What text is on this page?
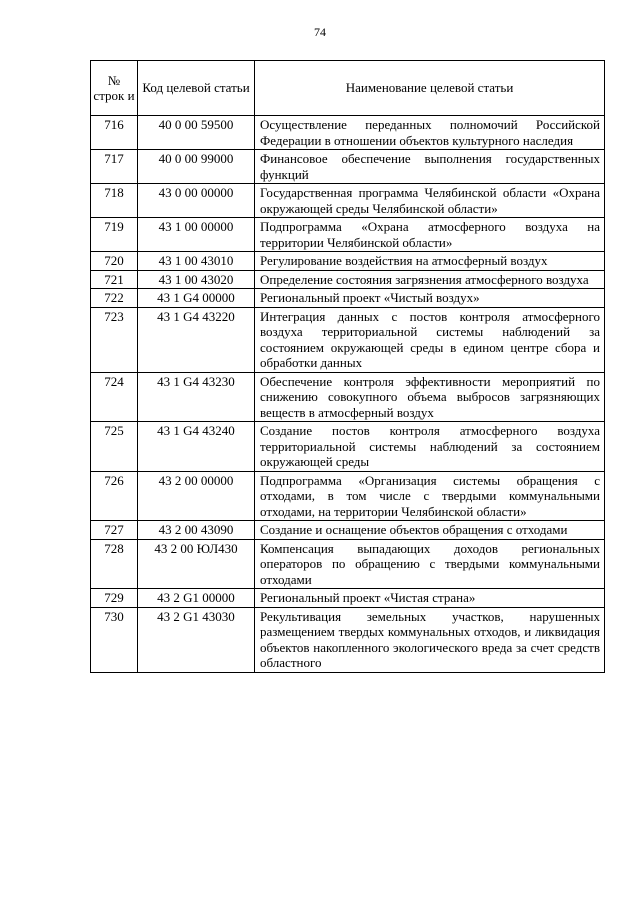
74
№ строк и	Код целевой статьи	Наименование целевой статьи
716	40 0 00 59500	Осуществление переданных полномочий Российской Федерации в отношении объектов культурного наследия
717	40 0 00 99000	Финансовое обеспечение выполнения государственных функций
718	43 0 00 00000	Государственная программа Челябинской области «Охрана окружающей среды Челябинской области»
719	43 1 00 00000	Подпрограмма «Охрана атмосферного воздуха на территории Челябинской области»
720	43 1 00 43010	Регулирование воздействия на атмосферный воздух
721	43 1 00 43020	Определение состояния загрязнения атмосферного воздуха
722	43 1 G4 00000	Региональный проект «Чистый воздух»
723	43 1 G4 43220	Интеграция данных с постов контроля атмосферного воздуха территориальной системы наблюдений за состоянием окружающей среды в едином центре сбора и обработки данных
724	43 1 G4 43230	Обеспечение контроля эффективности мероприятий по снижению совокупного объема выбросов загрязняющих веществ в атмосферный воздух
725	43 1 G4 43240	Создание постов контроля атмосферного воздуха территориальной системы наблюдений за состоянием окружающей среды
726	43 2 00 00000	Подпрограмма «Организация системы обращения с отходами, в том числе с твердыми коммунальными отходами, на территории Челябинской области»
727	43 2 00 43090	Создание и оснащение объектов обращения с отходами
728	43 2 00 ЮЛ430	Компенсация выпадающих доходов региональных операторов по обращению с твердыми коммунальными отходами
729	43 2 G1 00000	Региональный проект «Чистая страна»
730	43 2 G1 43030	Рекультивация земельных участков, нарушенных размещением твердых коммунальных отходов, и ликвидация объектов накопленного экологического вреда за счет средств областного
